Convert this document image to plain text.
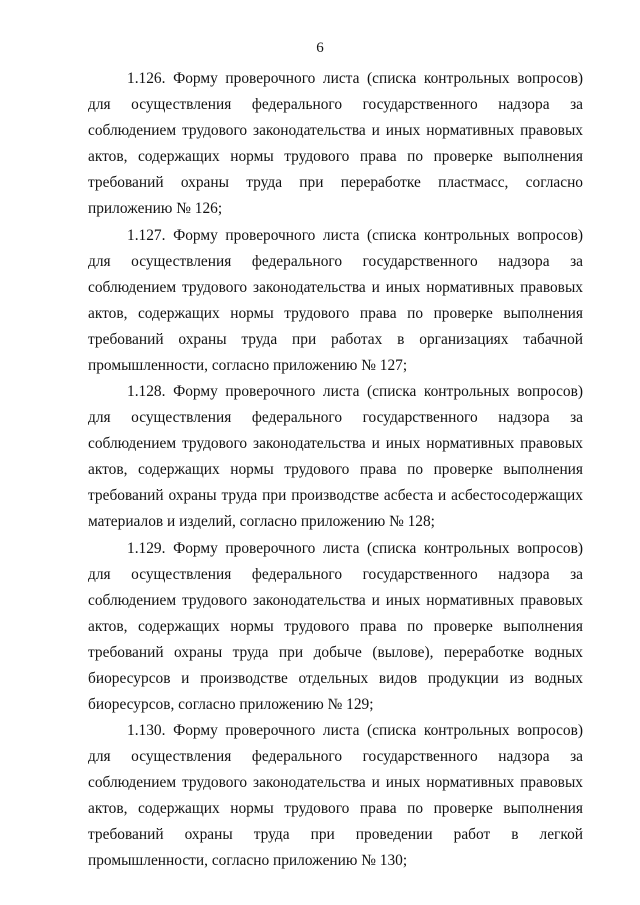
6

1.126. Форму проверочного листа (списка контрольных вопросов) для осуществления федерального государственного надзора за соблюдением трудового законодательства и иных нормативных правовых актов, содержащих нормы трудового права по проверке выполнения требований охраны труда при переработке пластмасс, согласно приложению № 126;

1.127. Форму проверочного листа (списка контрольных вопросов) для осуществления федерального государственного надзора за соблюдением трудового законодательства и иных нормативных правовых актов, содержащих нормы трудового права по проверке выполнения требований охраны труда при работах в организациях табачной промышленности, согласно приложению № 127;

1.128. Форму проверочного листа (списка контрольных вопросов) для осуществления федерального государственного надзора за соблюдением трудового законодательства и иных нормативных правовых актов, содержащих нормы трудового права по проверке выполнения требований охраны труда при производстве асбеста и асбестосодержащих материалов и изделий, согласно приложению № 128;

1.129. Форму проверочного листа (списка контрольных вопросов) для осуществления федерального государственного надзора за соблюдением трудового законодательства и иных нормативных правовых актов, содержащих нормы трудового права по проверке выполнения требований охраны труда при добыче (вылове), переработке водных биоресурсов и производстве отдельных видов продукции из водных биоресурсов, согласно приложению № 129;

1.130. Форму проверочного листа (списка контрольных вопросов) для осуществления федерального государственного надзора за соблюдением трудового законодательства и иных нормативных правовых актов, содержащих нормы трудового права по проверке выполнения требований охраны труда при проведении работ в легкой промышленности, согласно приложению № 130;
